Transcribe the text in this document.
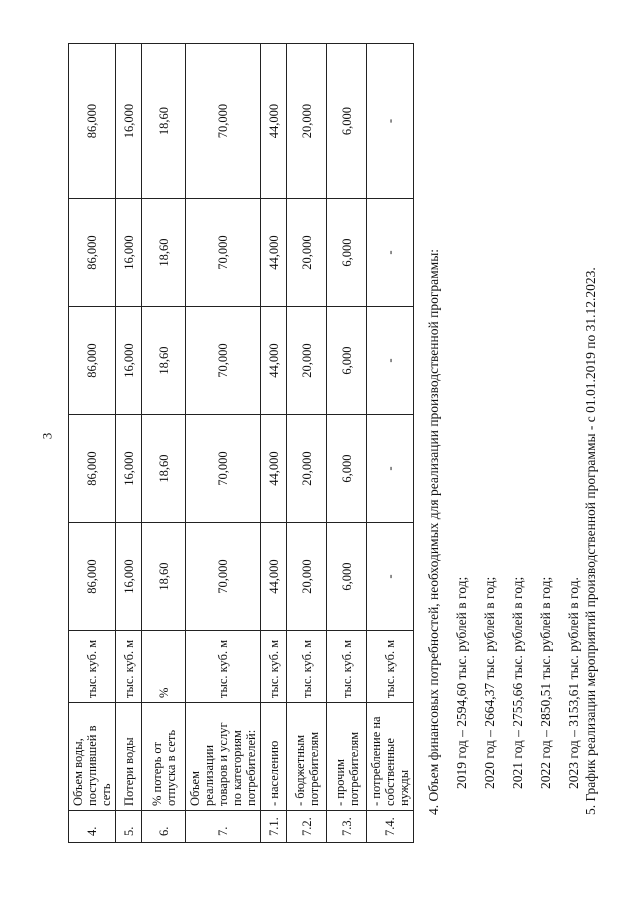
3
4.	Объем воды, поступившей в сеть	тыс. куб. м	86,000	86,000	86,000	86,000	86,000
5.	Потери воды	тыс. куб. м	16,000	16,000	16,000	16,000	16,000
6.	% потерь от отпуска в сеть	%	18,60	18,60	18,60	18,60	18,60
7.	Объем реализации товаров и услуг по категориям потребителей:	тыс. куб. м	70,000	70,000	70,000	70,000	70,000
7.1.	- населению	тыс. куб. м	44,000	44,000	44,000	44,000	44,000
7.2.	- бюджетным потребителям	тыс. куб. м	20,000	20,000	20,000	20,000	20,000
7.3.	- прочим потребителям	тыс. куб. м	6,000	6,000	6,000	6,000	6,000
7.4.	- потребление на собственные нужды	тыс. куб. м	-	-	-	-	-

4. Объем финансовых потребностей, необходимых для реализации производственной программы: 2019 год – 2594,60 тыс. рублей в год; 2020 год – 2664,37 тыс. рублей в год; 2021 год – 2755,66 тыс. рублей в год; 2022 год – 2850,51 тыс. рублей в год; 2023 год – 3153,61 тыс. рублей в год. 5. График реализации мероприятий производственной программы - с 01.01.2019 по 31.12.2023.
